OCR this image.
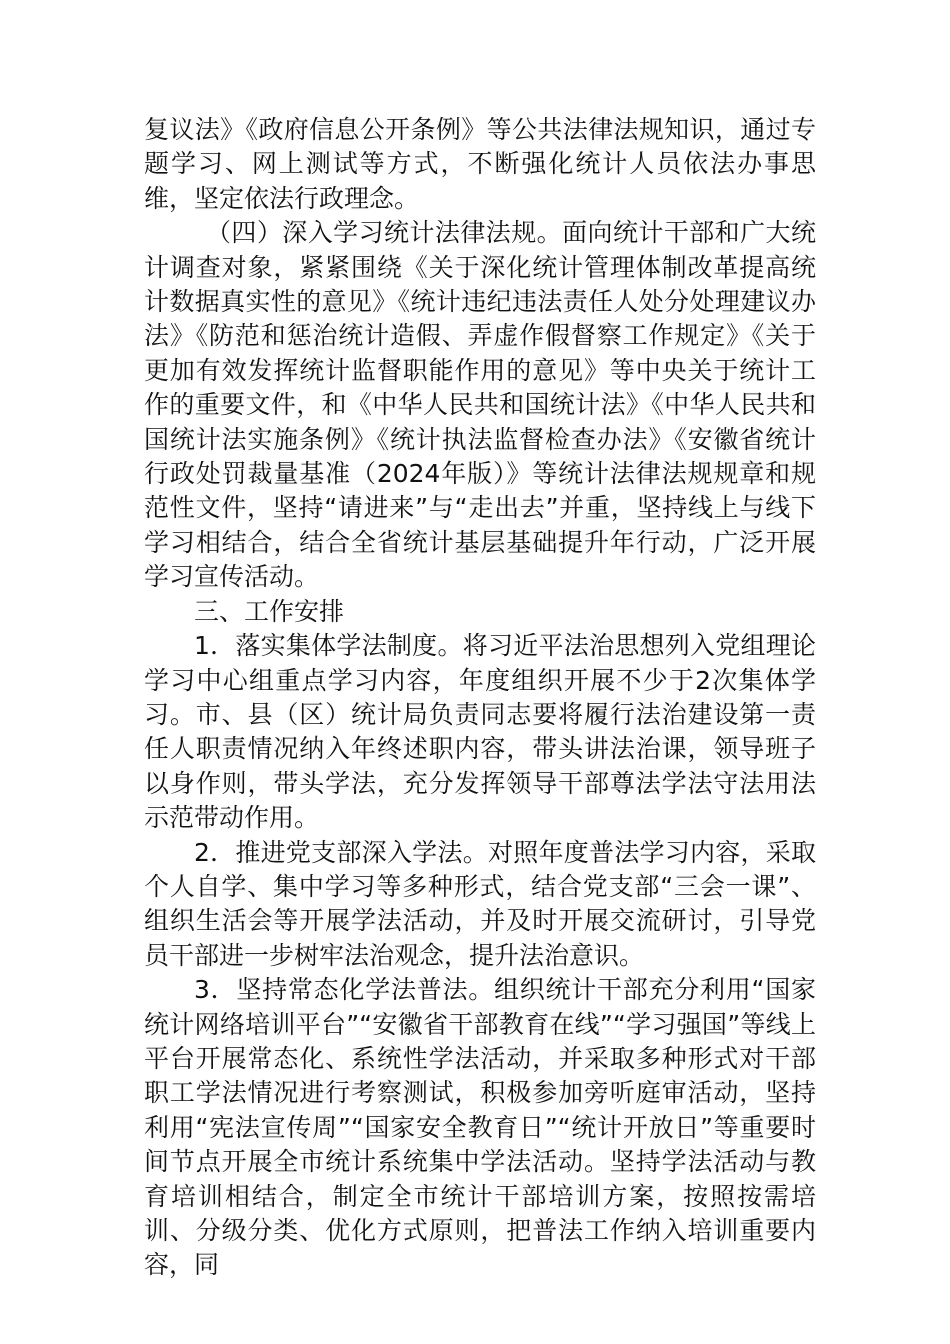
复议法》《政府信息公开条例》等公共法律法规知识，通过专题学习、网上测试等方式，不断强化统计人员依法办事思维，坚定依法行政理念。

（四）深入学习统计法律法规。面向统计干部和广大统计调查对象，紧紧围绕《关于深化统计管理体制改革提高统计数据真实性的意见》《统计违纪违法责任人处分处理建议办法》《防范和惩治统计造假、弄虚作假督察工作规定》《关于更加有效发挥统计监督职能作用的意见》等中央关于统计工作的重要文件，和《中华人民共和国统计法》《中华人民共和国统计法实施条例》《统计执法监督检查办法》《安徽省统计行政处罚裁量基准（2024年版）》等统计法律法规规章和规范性文件，坚持“请进来”与“走出去”并重，坚持线上与线下学习相结合，结合全省统计基层基础提升年行动，广泛开展学习宣传活动。

三、工作安排

1．落实集体学法制度。将习近平法治思想列入党组理论学习中心组重点学习内容，年度组织开展不少于2次集体学习。市、县（区）统计局负责同志要将履行法治建设第一责任人职责情况纳入年终述职内容，带头讲法治课，领导班子以身作则，带头学法，充分发挥领导干部尊法学法守法用法示范带动作用。

2．推进党支部深入学法。对照年度普法学习内容，采取个人自学、集中学习等多种形式，结合党支部“三会一课”、组织生活会等开展学法活动，并及时开展交流研讨，引导党员干部进一步树牢法治观念，提升法治意识。

3．坚持常态化学法普法。组织统计干部充分利用“国家统计网络培训平台”“安徽省干部教育在线”“学习强国”等线上平台开展常态化、系统性学法活动，并采取多种形式对干部职工学法情况进行考察测试，积极参加旁听庭审活动，坚持利用“宪法宣传周”“国家安全教育日”“统计开放日”等重要时间节点开展全市统计系统集中学法活动。坚持学法活动与教育培训相结合，制定全市统计干部培训方案，按照按需培训、分级分类、优化方式原则，把普法工作纳入培训重要内容，同
